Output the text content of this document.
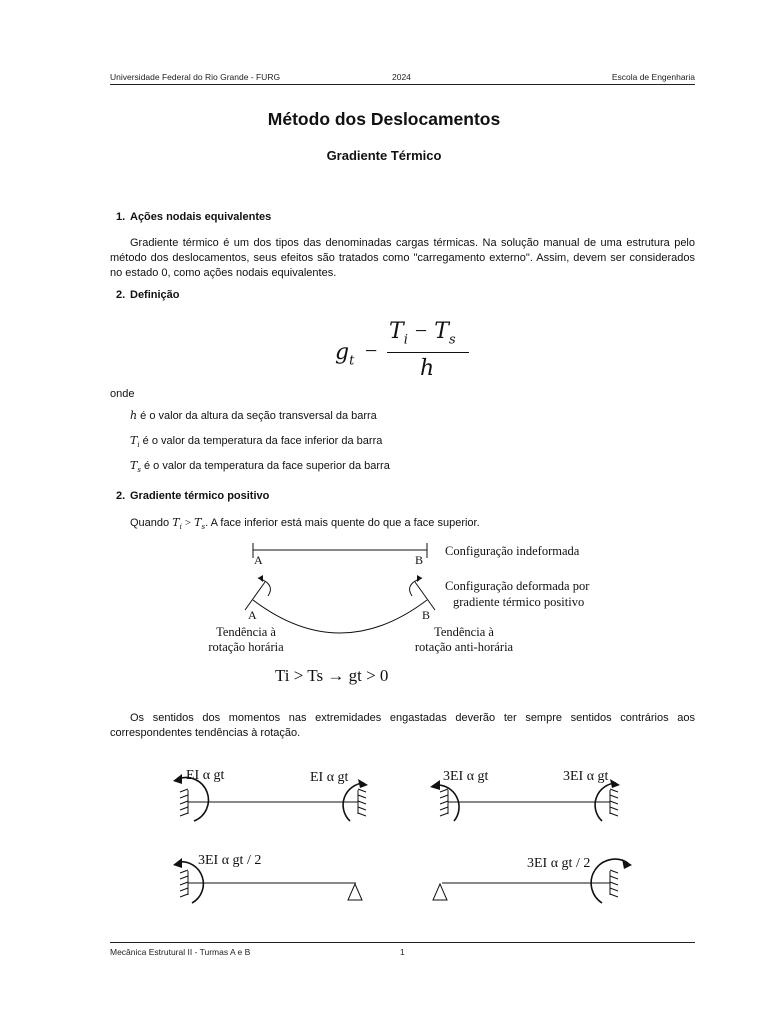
Universidade Federal do Rio Grande - FURG	2024	Escola de Engenharia
Método dos Deslocamentos
Gradiente Térmico
1. Ações nodais equivalentes
Gradiente térmico é um dos tipos das denominadas cargas térmicas. Na solução manual de uma estrutura pelo método dos deslocamentos, seus efeitos são tratados como "carregamento externo". Assim, devem ser considerados no estado 0, como ações nodais equivalentes.
2. Definição
$g_t$ −
$T_i - T_s$
h
onde
h é o valor da altura da seção transversal da barra
$T_i$ é o valor da temperatura da face inferior da barra
$T_s$ é o valor da temperatura da face superior da barra
2. Gradiente térmico positivo
Quando $T_i > T_s$. A face inferior está mais quente do que a face superior.
A	B
Configuração indeformada
A	B
Configuração deformada por
gradiente térmico positivo
Tendência à
rotação horária
Tendência à
rotação anti-horária
Ti > Ts → gt > 0
Os sentidos dos momentos nas extremidades engastadas deverão ter sempre sentidos contrários aos correspondentes tendências à rotação.
EI α gt	EI α gt	3EI α gt	3EI α gt
3EI α gt / 2	3EI α gt / 2
Mecânica Estrutural II - Turmas A e B	1
